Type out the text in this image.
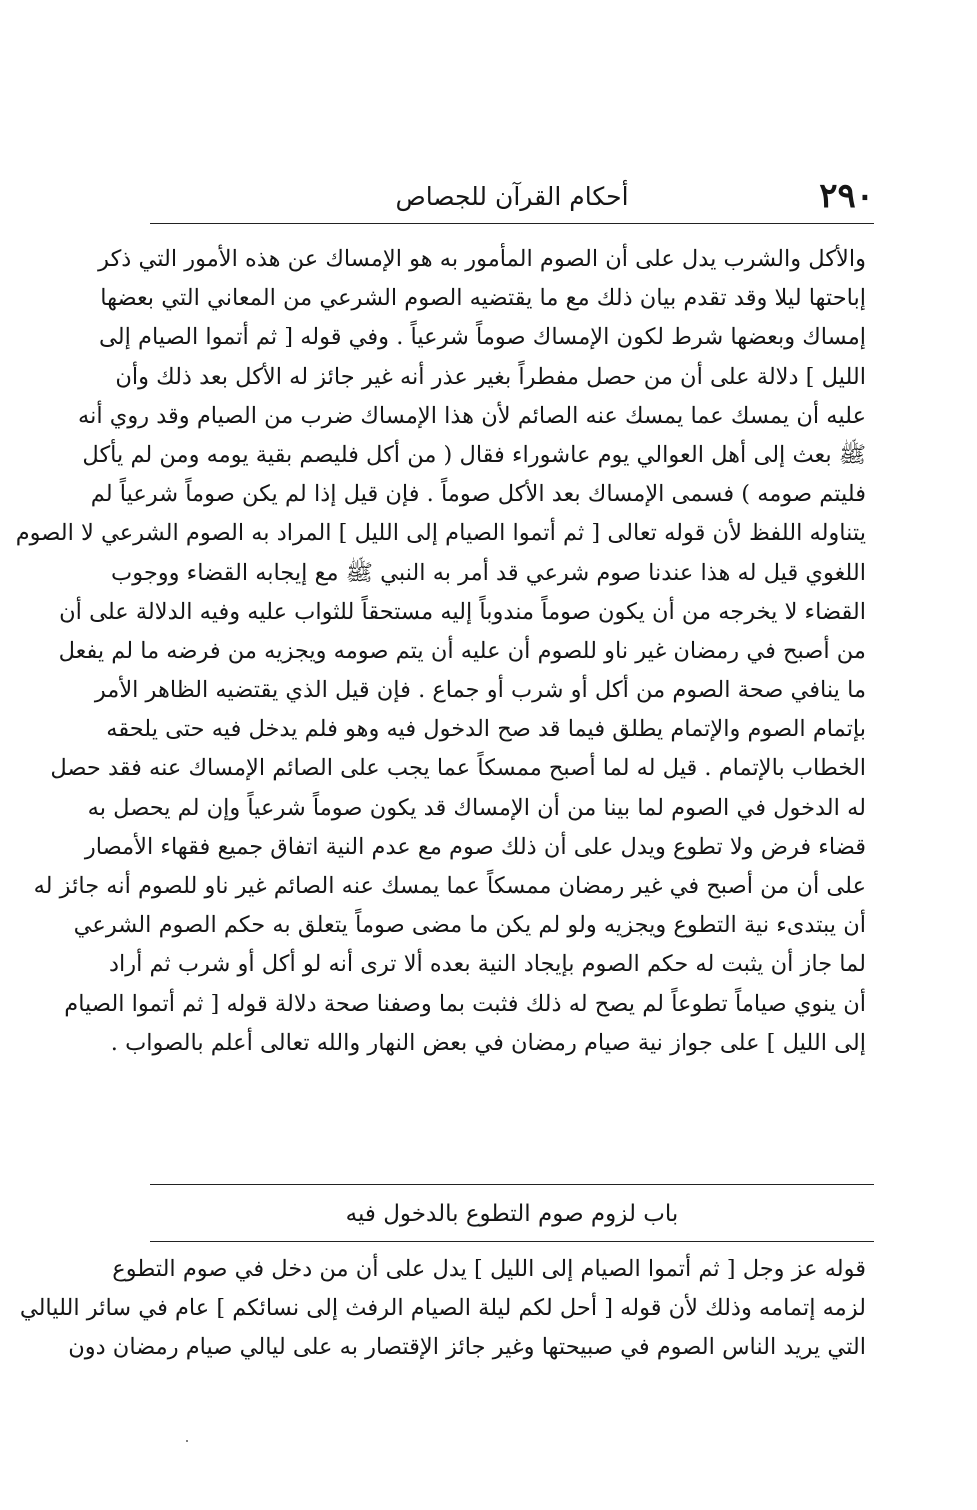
٢٩٠
أحكام القرآن للجصاص
والأكل والشرب يدل على أن الصوم المأمور به هو الإمساك عن هذه الأمور التي ذكر
إباحتها ليلا وقد تقدم بيان ذلك مع ما يقتضيه الصوم الشرعي من المعاني التي بعضها
إمساك وبعضها شرط لكون الإمساك صوماً شرعياً . وفي قوله [ ثم أتموا الصيام إلى
الليل ] دلالة على أن من حصل مفطراً بغير عذر أنه غير جائز له الأكل بعد ذلك وأن
عليه أن يمسك عما يمسك عنه الصائم لأن هذا الإمساك ضرب من الصيام وقد روي أنه
ﷺ بعث إلى أهل العوالي يوم عاشوراء فقال ( من أكل فليصم بقية يومه ومن لم يأكل
فليتم صومه ) فسمى الإمساك بعد الأكل صوماً . فإن قيل إذا لم يكن صوماً شرعياً لم
يتناوله اللفظ لأن قوله تعالى [ ثم أتموا الصيام إلى الليل ] المراد به الصوم الشرعي لا الصوم
اللغوي قيل له هذا عندنا صوم شرعي قد أمر به النبي ﷺ مع إيجابه القضاء ووجوب
القضاء لا يخرجه من أن يكون صوماً مندوباً إليه مستحقاً للثواب عليه وفيه الدلالة على أن
من أصبح في رمضان غير ناو للصوم أن عليه أن يتم صومه ويجزيه من فرضه ما لم يفعل
ما ينافي صحة الصوم من أكل أو شرب أو جماع . فإن قيل الذي يقتضيه الظاهر الأمر
بإتمام الصوم والإتمام يطلق فيما قد صح الدخول فيه وهو فلم يدخل فيه حتى يلحقه
الخطاب بالإتمام . قيل له لما أصبح ممسكاً عما يجب على الصائم الإمساك عنه فقد حصل
له الدخول في الصوم لما بينا من أن الإمساك قد يكون صوماً شرعياً وإن لم يحصل به
قضاء فرض ولا تطوع ويدل على أن ذلك صوم مع عدم النية اتفاق جميع فقهاء الأمصار
على أن من أصبح في غير رمضان ممسكاً عما يمسك عنه الصائم غير ناو للصوم أنه جائز له
أن يبتدىء نية التطوع ويجزيه ولو لم يكن ما مضى صوماً يتعلق به حكم الصوم الشرعي
لما جاز أن يثبت له حكم الصوم بإيجاد النية بعده ألا ترى أنه لو أكل أو شرب ثم أراد
أن ينوي صياماً تطوعاً لم يصح له ذلك فثبت بما وصفنا صحة دلالة قوله [ ثم أتموا الصيام
إلى الليل ] على جواز نية صيام رمضان في بعض النهار والله تعالى أعلم بالصواب .
باب لزوم صوم التطوع بالدخول فيه
قوله عز وجل [ ثم أتموا الصيام إلى الليل ] يدل على أن من دخل في صوم التطوع
لزمه إتمامه وذلك لأن قوله [ أحل لكم ليلة الصيام الرفث إلى نسائكم ] عام في سائر الليالي
التي يريد الناس الصوم في صبيحتها وغير جائز الإقتصار به على ليالي صيام رمضان دون
